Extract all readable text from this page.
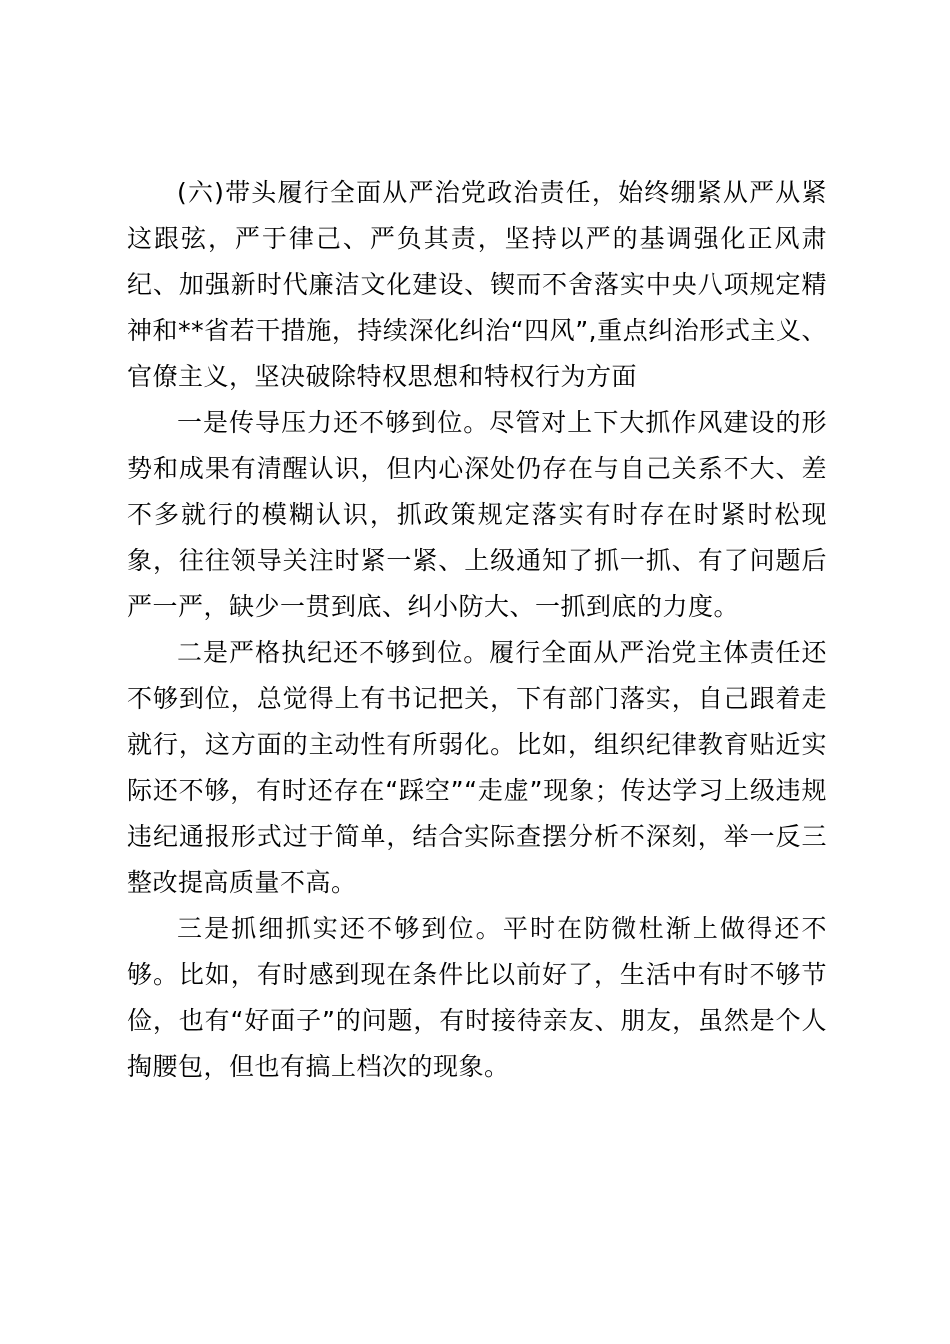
(六)带头履行全面从严治党政治责任，始终绷紧从严从紧这跟弦，严于律己、严负其责，坚持以严的基调强化正风肃纪、加强新时代廉洁文化建设、锲而不舍落实中央八项规定精神和**省若干措施，持续深化纠治“四风”,重点纠治形式主义、官僚主义，坚决破除特权思想和特权行为方面

一是传导压力还不够到位。尽管对上下大抓作风建设的形势和成果有清醒认识，但内心深处仍存在与自己关系不大、差不多就行的模糊认识，抓政策规定落实有时存在时紧时松现象，往往领导关注时紧一紧、上级通知了抓一抓、有了问题后严一严，缺少一贯到底、纠小防大、一抓到底的力度。

二是严格执纪还不够到位。履行全面从严治党主体责任还不够到位，总觉得上有书记把关，下有部门落实，自己跟着走就行，这方面的主动性有所弱化。比如，组织纪律教育贴近实际还不够，有时还存在“踩空”“走虚”现象；传达学习上级违规违纪通报形式过于简单，结合实际查摆分析不深刻，举一反三整改提高质量不高。

三是抓细抓实还不够到位。平时在防微杜渐上做得还不够。比如，有时感到现在条件比以前好了，生活中有时不够节俭，也有“好面子”的问题，有时接待亲友、朋友，虽然是个人掏腰包，但也有搞上档次的现象。
